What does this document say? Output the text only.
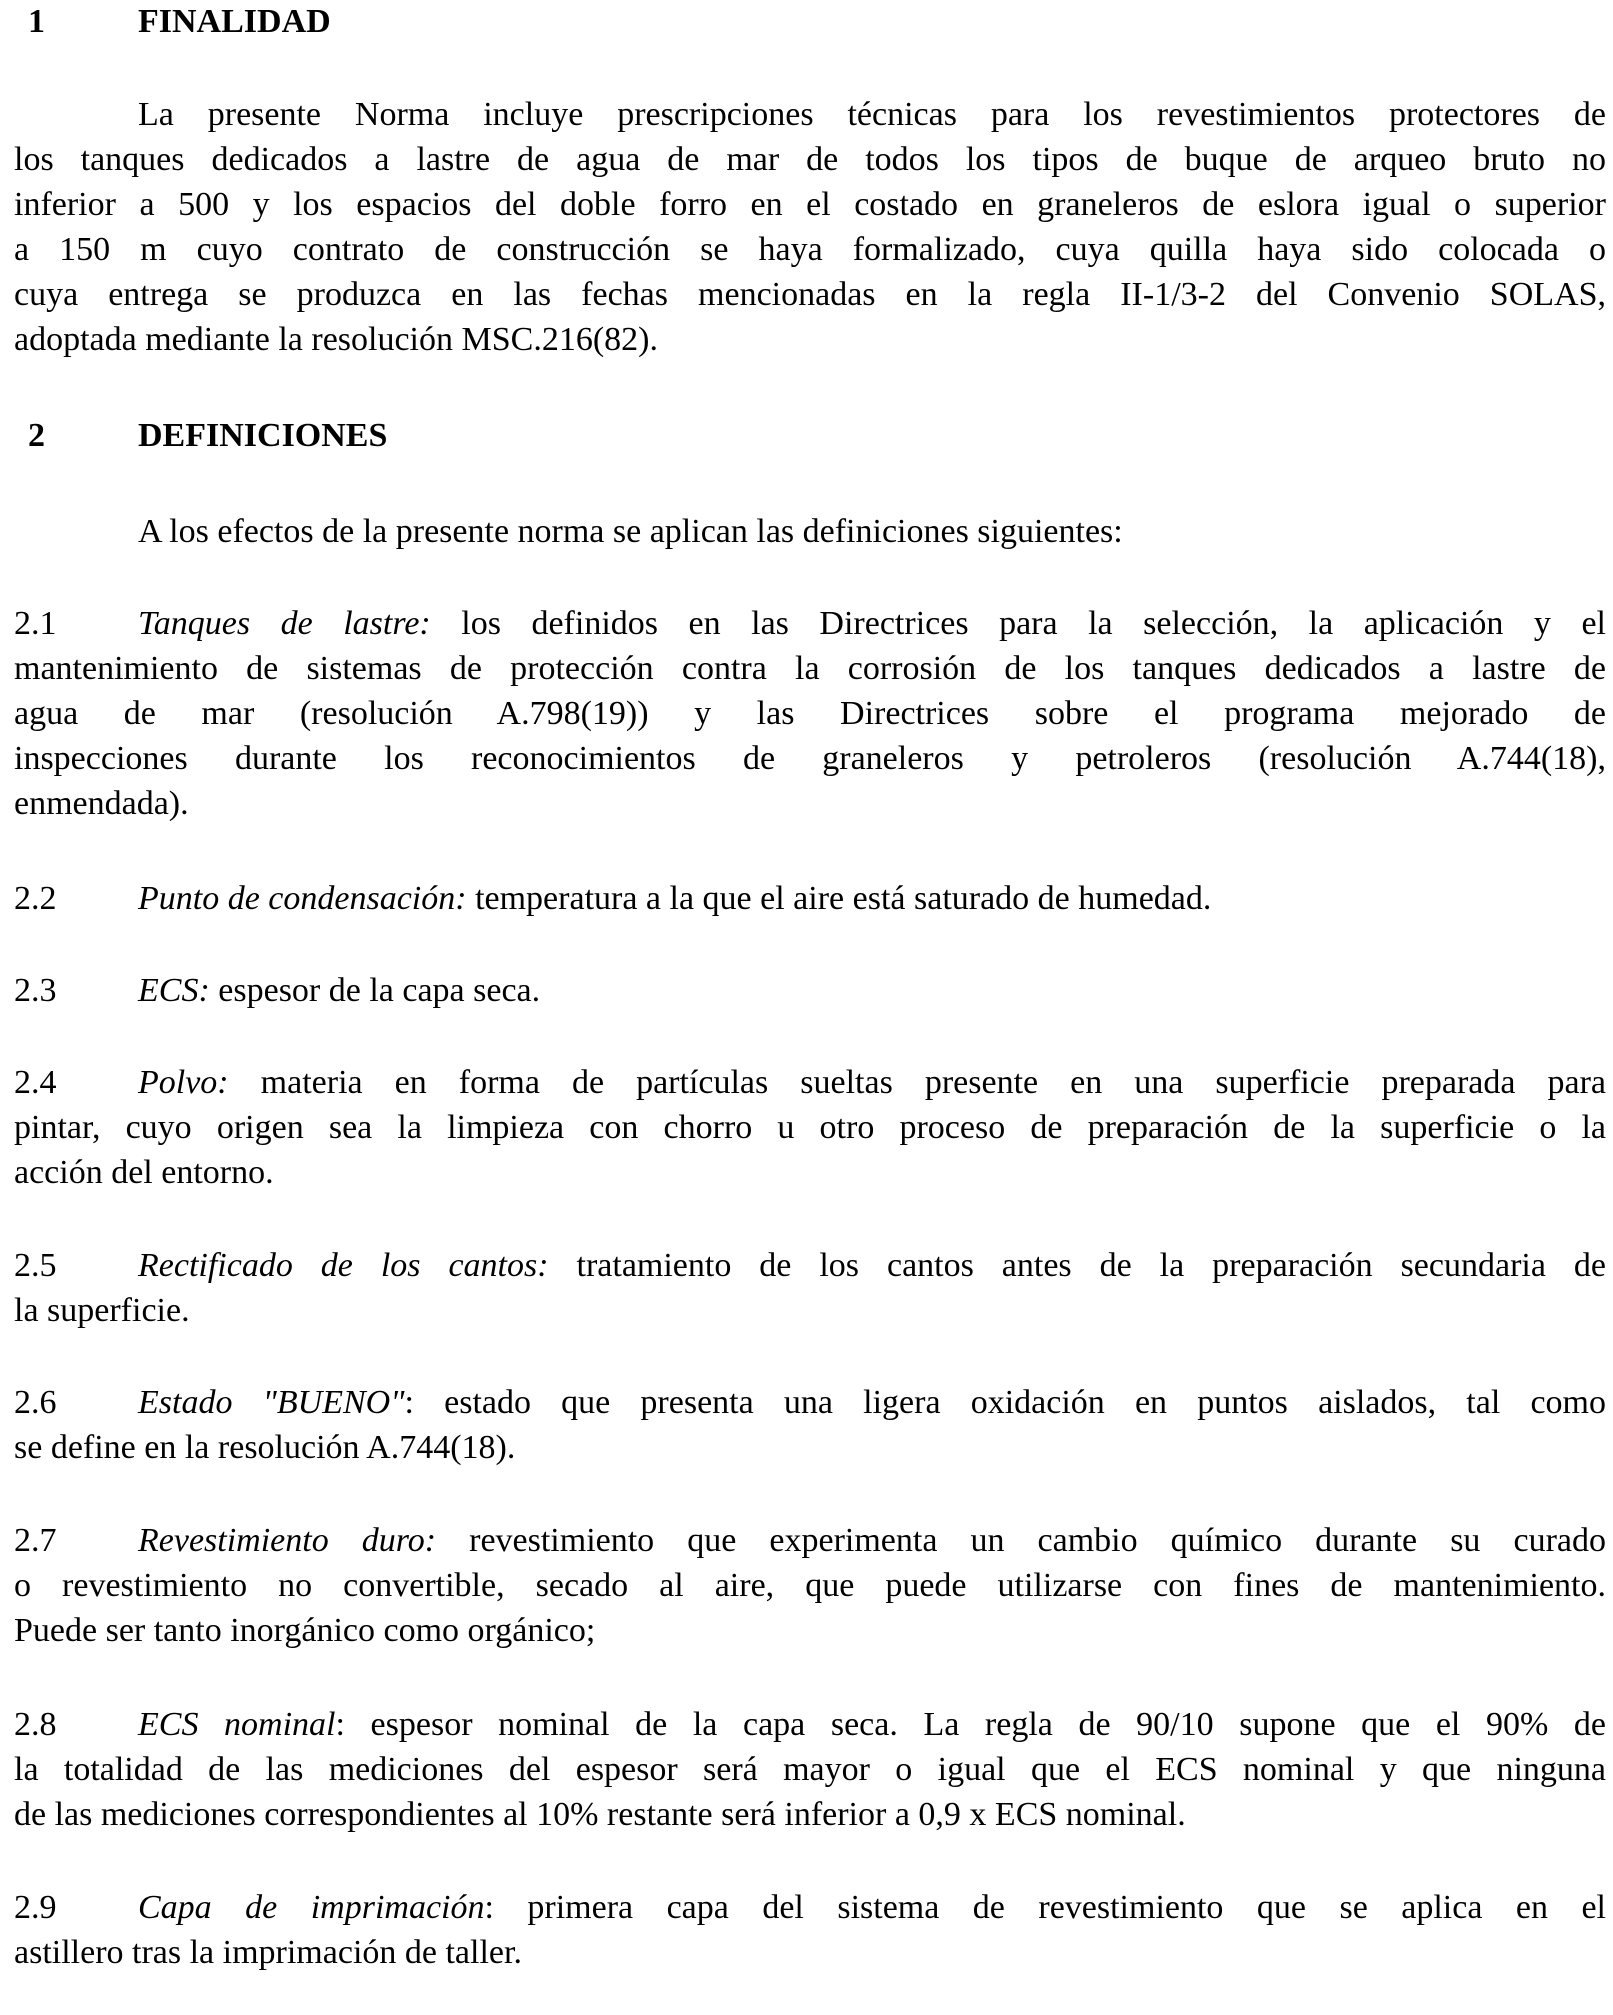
1	FINALIDAD
La presente Norma incluye prescripciones técnicas para los revestimientos protectores de
los tanques dedicados a lastre de agua de mar de todos los tipos de buque de arqueo bruto no
inferior a 500 y los espacios del doble forro en el costado en graneleros de eslora igual o superior
a 150 m cuyo contrato de construcción se haya formalizado, cuya quilla haya sido colocada o
cuya entrega se produzca en las fechas mencionadas en la regla II-1/3-2 del Convenio SOLAS,
adoptada mediante la resolución MSC.216(82).
2	DEFINICIONES
A los efectos de la presente norma se aplican las definiciones siguientes:
2.1 Tanques de lastre: los definidos en las Directrices para la selección, la aplicación y el
mantenimiento de sistemas de protección contra la corrosión de los tanques dedicados a lastre de
agua de mar (resolución A.798(19)) y las Directrices sobre el programa mejorado de
inspecciones durante los reconocimientos de graneleros y petroleros (resolución A.744(18),
enmendada).
2.2 Punto de condensación: temperatura a la que el aire está saturado de humedad.
2.3 ECS: espesor de la capa seca.
2.4 Polvo: materia en forma de partículas sueltas presente en una superficie preparada para
pintar, cuyo origen sea la limpieza con chorro u otro proceso de preparación de la superficie o la
acción del entorno.
2.5 Rectificado de los cantos: tratamiento de los cantos antes de la preparación secundaria de
la superficie.
2.6 Estado "BUENO": estado que presenta una ligera oxidación en puntos aislados, tal como
se define en la resolución A.744(18).
2.7 Revestimiento duro: revestimiento que experimenta un cambio químico durante su curado
o revestimiento no convertible, secado al aire, que puede utilizarse con fines de mantenimiento.
Puede ser tanto inorgánico como orgánico;
2.8 ECS nominal: espesor nominal de la capa seca. La regla de 90/10 supone que el 90% de
la totalidad de las mediciones del espesor será mayor o igual que el ECS nominal y que ninguna
de las mediciones correspondientes al 10% restante será inferior a 0,9 x ECS nominal.
2.9 Capa de imprimación: primera capa del sistema de revestimiento que se aplica en el
astillero tras la imprimación de taller.
